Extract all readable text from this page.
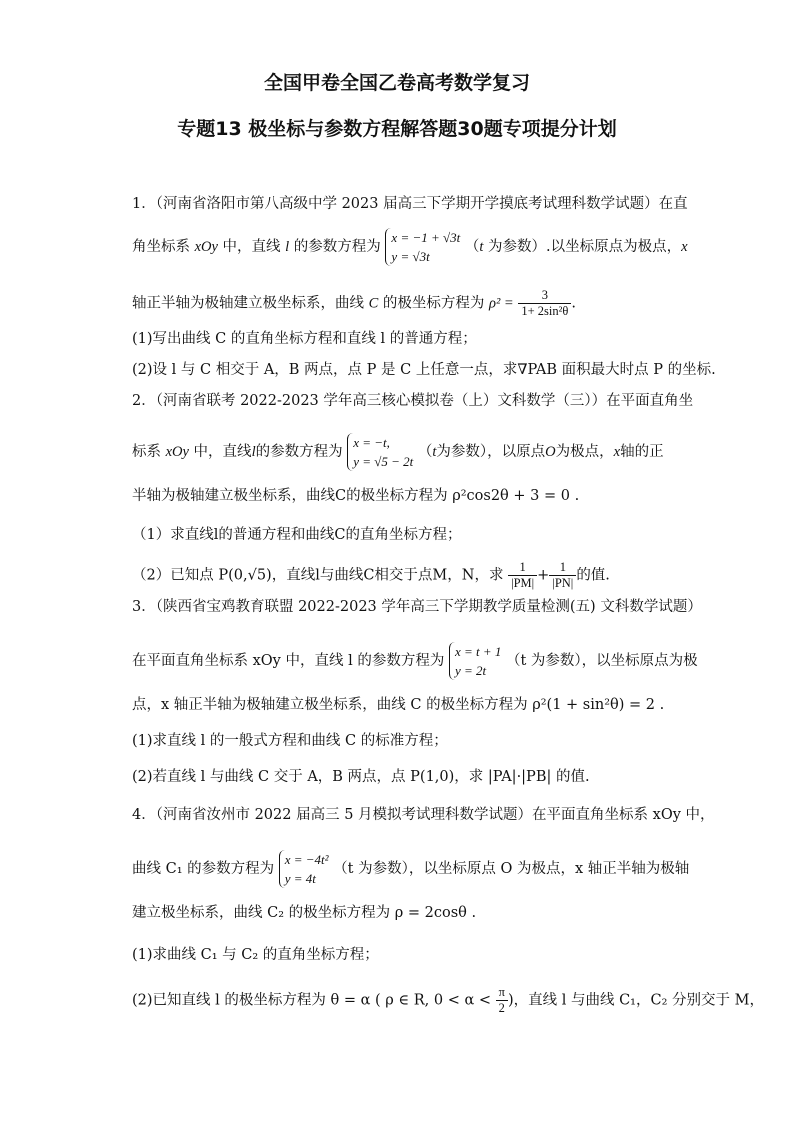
全国甲卷全国乙卷高考数学复习
专题13 极坐标与参数方程解答题30题专项提分计划
1．（河南省洛阳市第八高级中学 2023 届高三下学期开学摸底考试理科数学试题）在直
角坐标系 xOy 中，直线 l 的参数方程为
x = −1 + √3t
y = √3t
（t 为参数）.以坐标原点为极点，x
轴正半轴为极轴建立极坐标系，曲线 C 的极坐标方程为 $\rho^2 = \frac{3}{\text{1+ 2sin²θ}}$ .
(1)写出曲线 C 的直角坐标方程和直线 l 的普通方程；
(2)设 l 与 C 相交于 A，B 两点，点 P 是 C 上任意一点，求∇PAB 面积最大时点 P 的坐标.
2．（河南省联考 2022-2023 学年高三核心模拟卷（上）文科数学（三））在平面直角坐
标系 xOy 中，直线l的参数方程为
x = −t,
y = √5 − 2t
（t为参数），以原点O为极点，x轴的正
半轴为极轴建立极坐标系，曲线C的极坐标方程为 ρ²cos2θ + 3 = 0 .
（1）求直线l的普通方程和曲线C的直角坐标方程；
（2）已知点 P(0,√5)，直线l与曲线C相交于点M，N，求 $\frac{1}{|PM|} + \frac{1}{|PN|}$ 的值.
3．（陕西省宝鸡教育联盟 2022-2023 学年高三下学期教学质量检测(五) 文科数学试题）
在平面直角坐标系 xOy 中，直线 l 的参数方程为
x = t + 1
y = 2t
（t 为参数），以坐标原点为极
点，x 轴正半轴为极轴建立极坐标系，曲线 C 的极坐标方程为 ρ²(1 + sin²θ) = 2 .
(1)求直线 l 的一般式方程和曲线 C 的标准方程；
(2)若直线 l 与曲线 C 交于 A，B 两点，点 P(1,0)，求 |PA|·|PB| 的值.
4．（河南省汝州市 2022 届高三 5 月模拟考试理科数学试题）在平面直角坐标系 xOy 中，
曲线 C₁ 的参数方程为
x = −4t²
y = 4t
（t 为参数），以坐标原点 O 为极点，x 轴正半轴为极轴
建立极坐标系，曲线 C₂ 的极坐标方程为 ρ = 2cosθ .
(1)求曲线 C₁ 与 C₂ 的直角坐标方程；
(2)已知直线 l 的极坐标方程为 θ = α ( ρ ∈ R, $0 < \alpha < \frac{\pi}{2}$ )，直线 l 与曲线 C₁，C₂ 分别交于 M，
